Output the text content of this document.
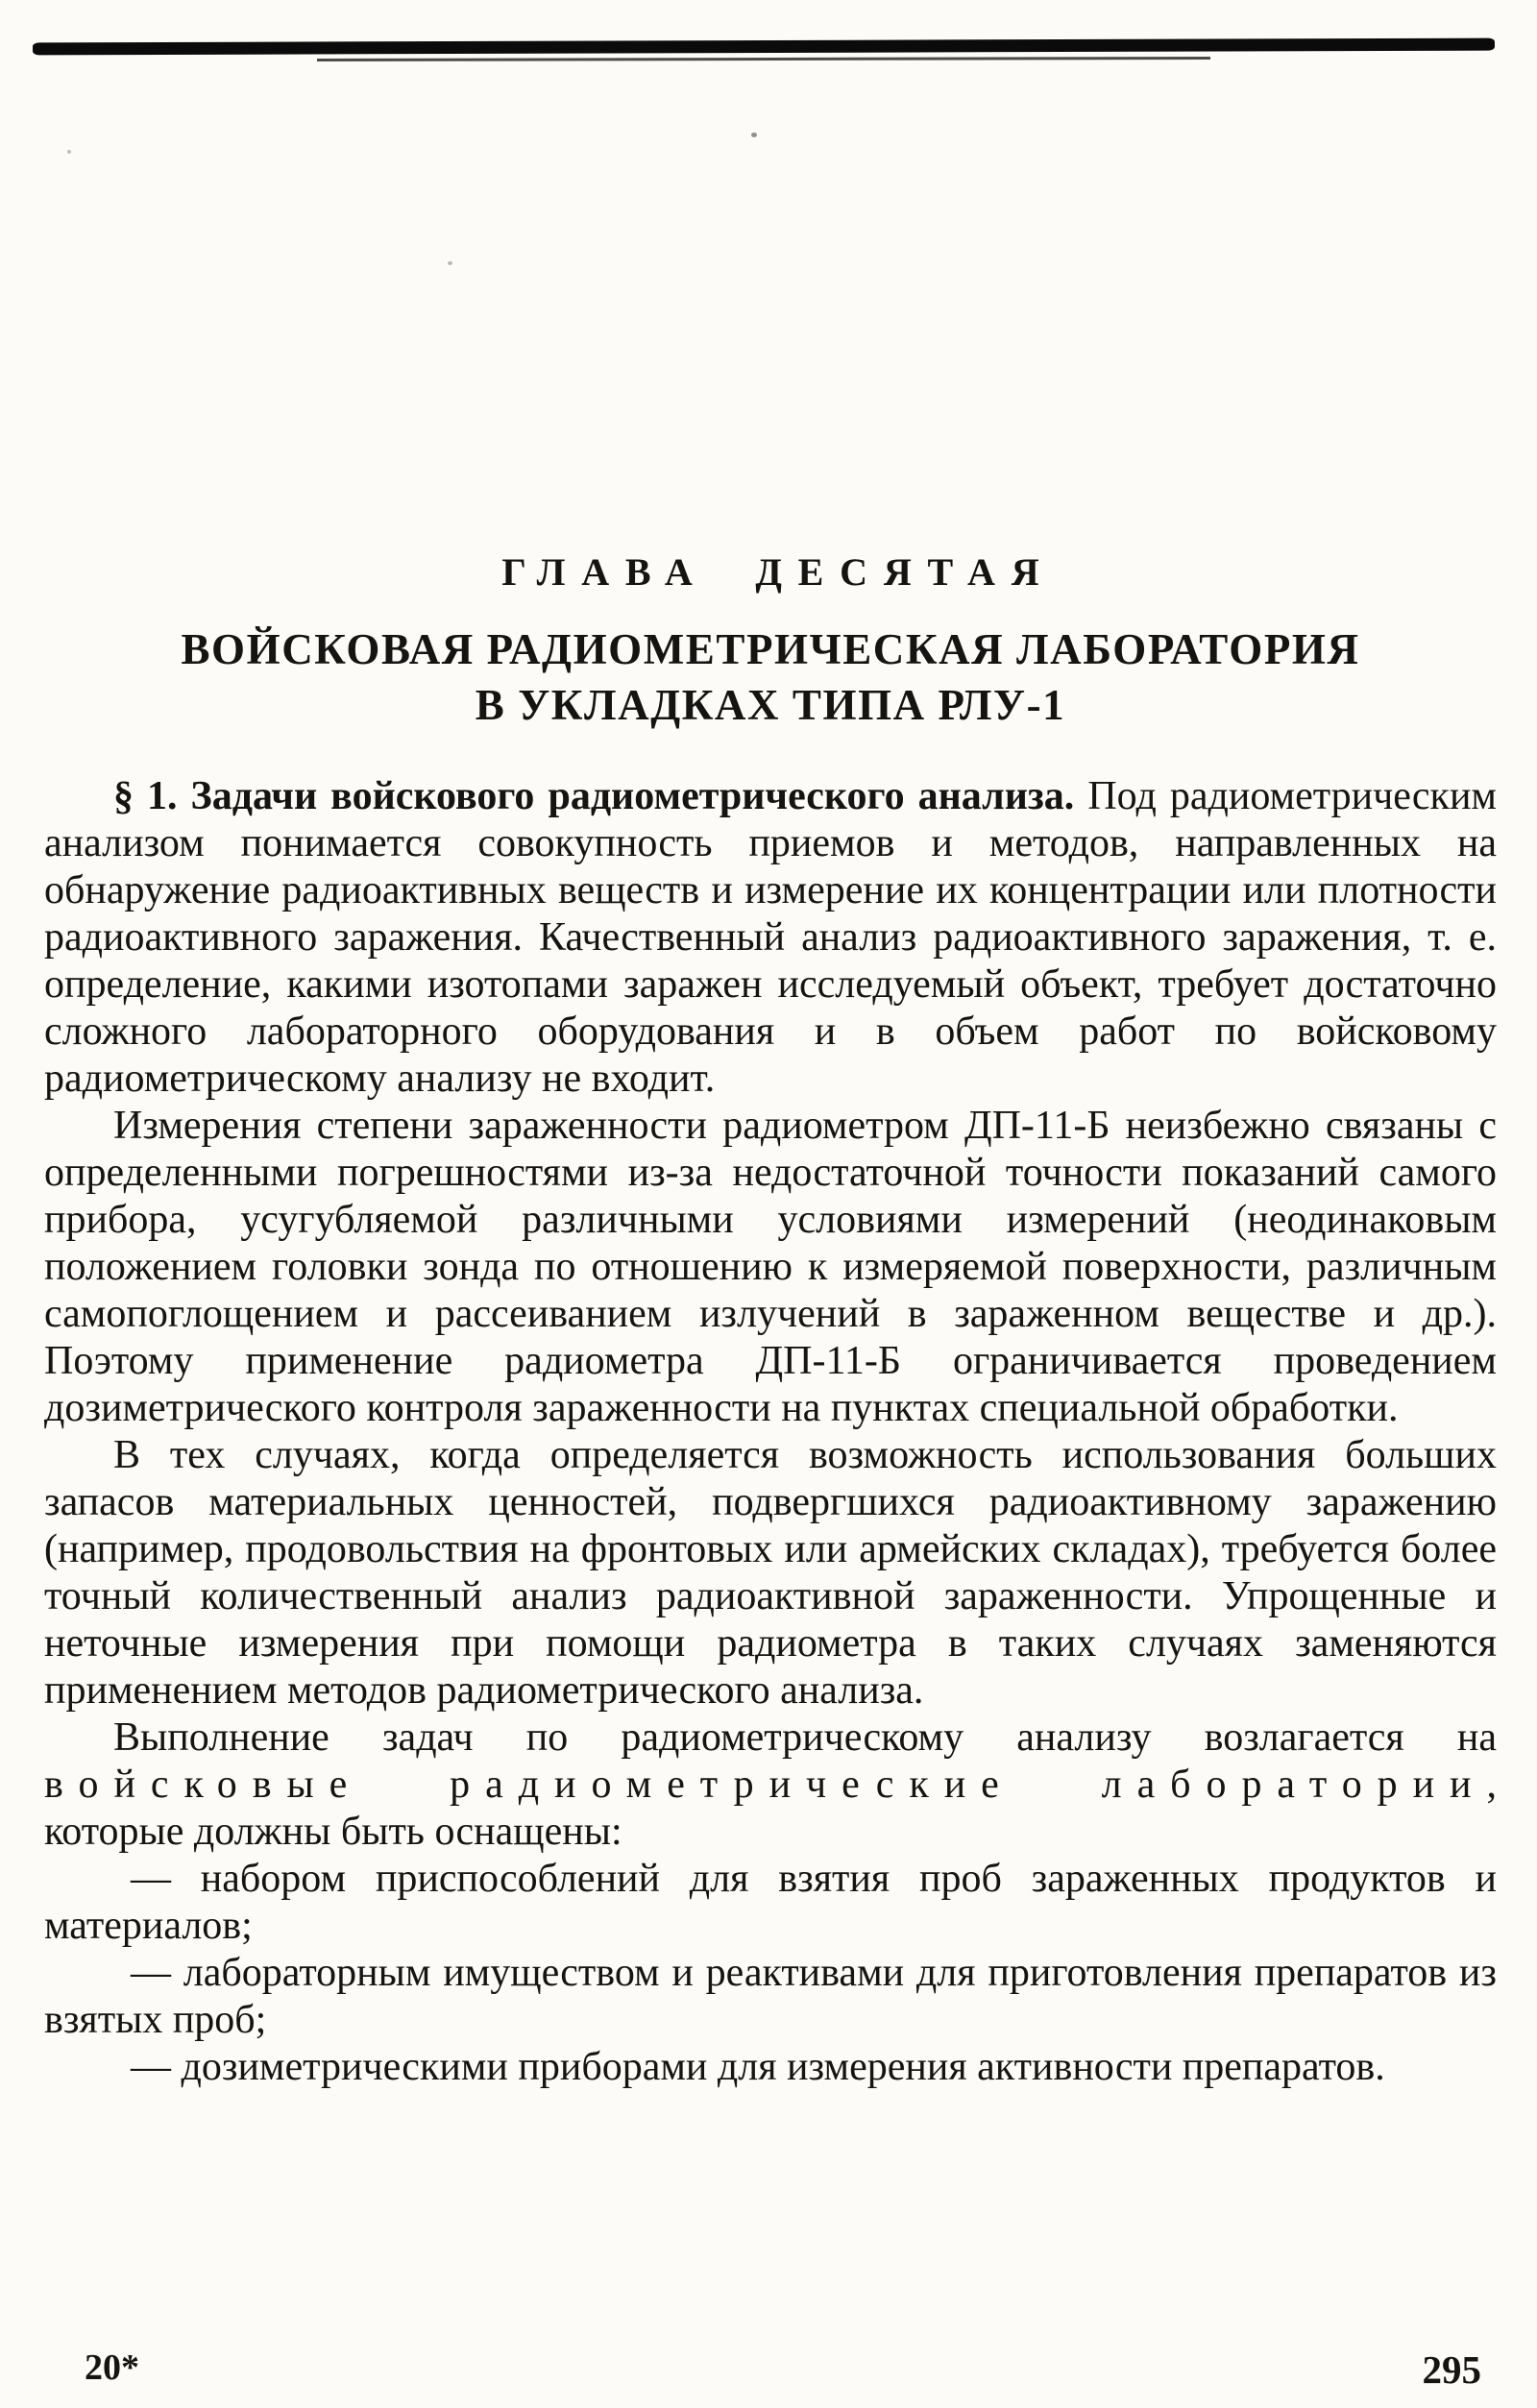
ГЛАВА ДЕСЯТАЯ
ВОЙСКОВАЯ РАДИОМЕТРИЧЕСКАЯ ЛАБОРАТОРИЯ
В УКЛАДКАХ ТИПА РЛУ-1

§ 1. Задачи войскового радиометрического анализа. Под радиометрическим анализом понимается совокупность приемов и методов, направленных на обнаружение радиоактивных веществ и измерение их концентрации или плотности радиоактивного заражения. Качественный анализ радиоактивного заражения, т. е. определение, какими изотопами заражен исследуемый объект, требует достаточно сложного лабораторного оборудования и в объем работ по войсковому радиометрическому анализу не входит.

Измерения степени зараженности радиометром ДП-11-Б неизбежно связаны с определенными погрешностями из-за недостаточной точности показаний самого прибора, усугубляемой различными условиями измерений (неодинаковым положением головки зонда по отношению к измеряемой поверхности, различным самопоглощением и рассеиванием излучений в зараженном веществе и др.). Поэтому применение радиометра ДП-11-Б ограничивается проведением дозиметрического контроля зараженности на пунктах специальной обработки.

В тех случаях, когда определяется возможность использования больших запасов материальных ценностей, подвергшихся радиоактивному заражению (например, продовольствия на фронтовых или армейских складах), требуется более точный количественный анализ радиоактивной зараженности. Упрощенные и неточные измерения при помощи радиометра в таких случаях заменяются применением методов радиометрического анализа.

Выполнение задач по радиометрическому анализу возлагается на войсковые радиометрические лаборатории, которые должны быть оснащены:

— набором приспособлений для взятия проб зараженных продуктов и материалов;

— лабораторным имуществом и реактивами для приготовления препаратов из взятых проб;

— дозиметрическими приборами для измерения активности препаратов.

20*	295
